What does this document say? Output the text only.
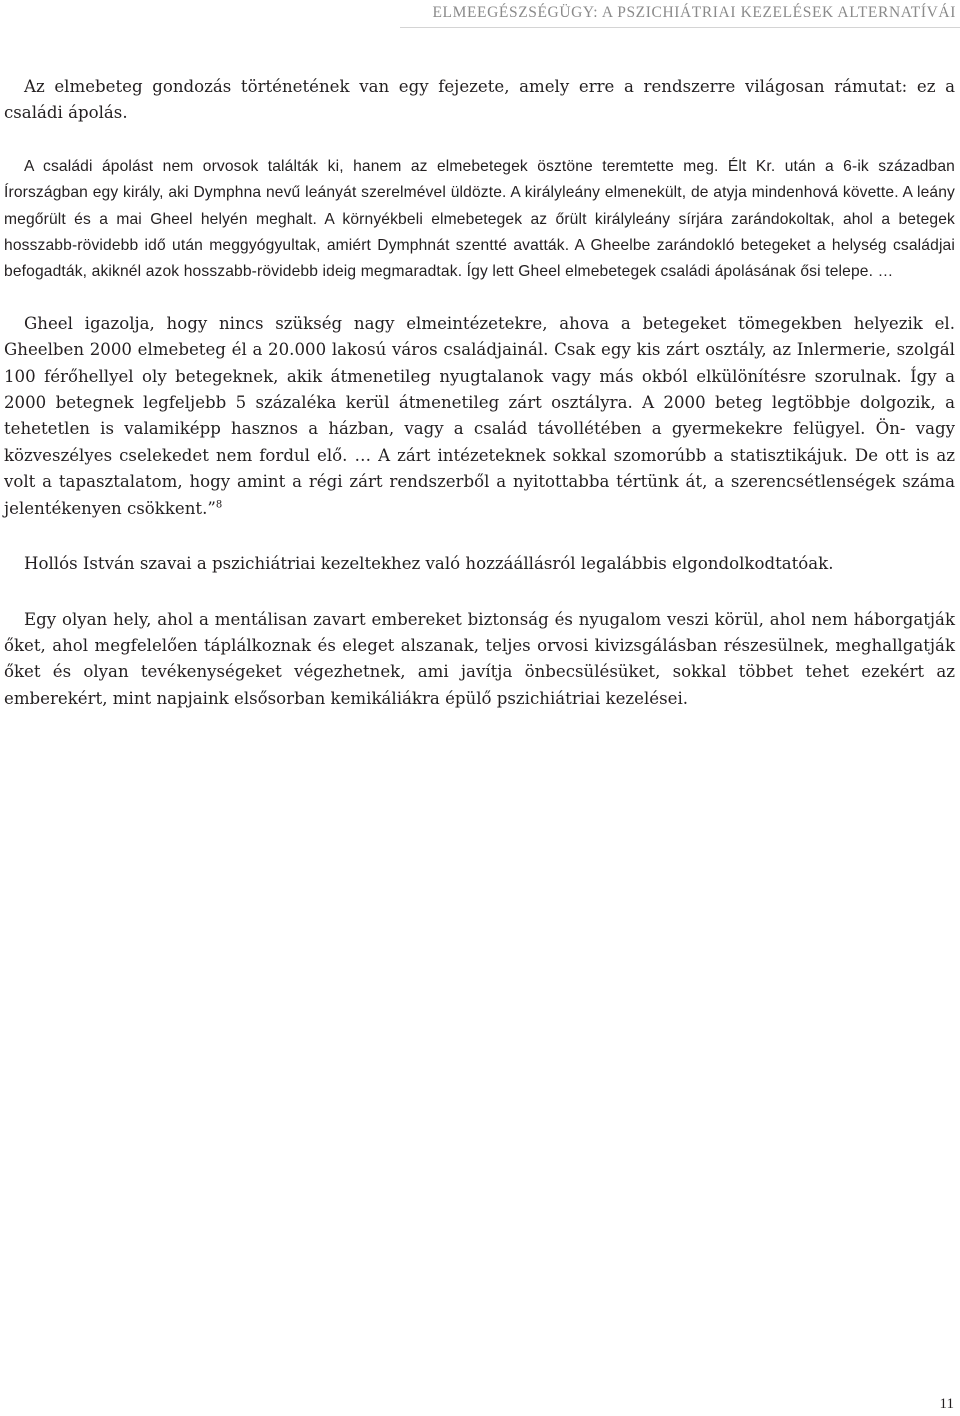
ELMEEGÉSZSÉGÜGY: A PSZICHIÁTRIAI KEZELÉSEK ALTERNATÍVÁI

Az elmebeteg gondozás történetének van egy fejezete, amely erre a rendszerre világosan rámutat: ez a családi ápolás.

A családi ápolást nem orvosok találták ki, hanem az elmebetegek ösztöne teremtette meg. Élt Kr. után a 6-ik században Írországban egy király, aki Dymphna nevű leányát szerelmével üldözte. A királyleány elmenekült, de atyja mindenhová követte. A leány megőrült és a mai Gheel helyén meghalt. A környékbeli elmebetegek az őrült királyleány sírjára zarándokoltak, ahol a betegek hosszabb-rövidebb idő után meggyógyultak, amiért Dymphnát szentté avatták. A Gheelbe zarándokló betegeket a helység családjai befogadták, akiknél azok hosszabb-rövidebb ideig megmaradtak. Így lett Gheel elmebetegek családi ápolásának ősi telepe. …

Gheel igazolja, hogy nincs szükség nagy elmeintézetekre, ahova a betegeket tömegekben helyezik el. Gheelben 2000 elmebeteg él a 20.000 lakosú város családjainál. Csak egy kis zárt osztály, az Inlermerie, szolgál 100 férőhellyel oly betegeknek, akik átmenetileg nyugtalanok vagy más okból elkülönítésre szorulnak. Így a 2000 betegnek legfeljebb 5 százaléka kerül átmenetileg zárt osztályra. A 2000 beteg legtöbbje dolgozik, a tehetetlen is valamiképp hasznos a házban, vagy a család távollétében a gyermekekre felügyel. Ön- vagy közveszélyes cselekedet nem fordul elő. … A zárt intézeteknek sokkal szomorúbb a statisztikájuk. De ott is az volt a tapasztalatom, hogy amint a régi zárt rendszerből a nyitottabba tértünk át, a szerencsétlenségek száma jelentékenyen csökkent.”$^8$

Hollós István szavai a pszichiátriai kezeltekhez való hozzáállásról legalábbis elgondolkodtatóak.

Egy olyan hely, ahol a mentálisan zavart embereket biztonság és nyugalom veszi körül, ahol nem háborgatják őket, ahol megfelelően táplálkoznak és eleget alszanak, teljes orvosi kivizsgálásban részesülnek, meghallgatják őket és olyan tevékenységeket végezhetnek, ami javítja önbecsülésüket, sokkal többet tehet ezekért az emberekért, mint napjaink elsősorban kemikáliákra épülő pszichiátriai kezelései.

11
